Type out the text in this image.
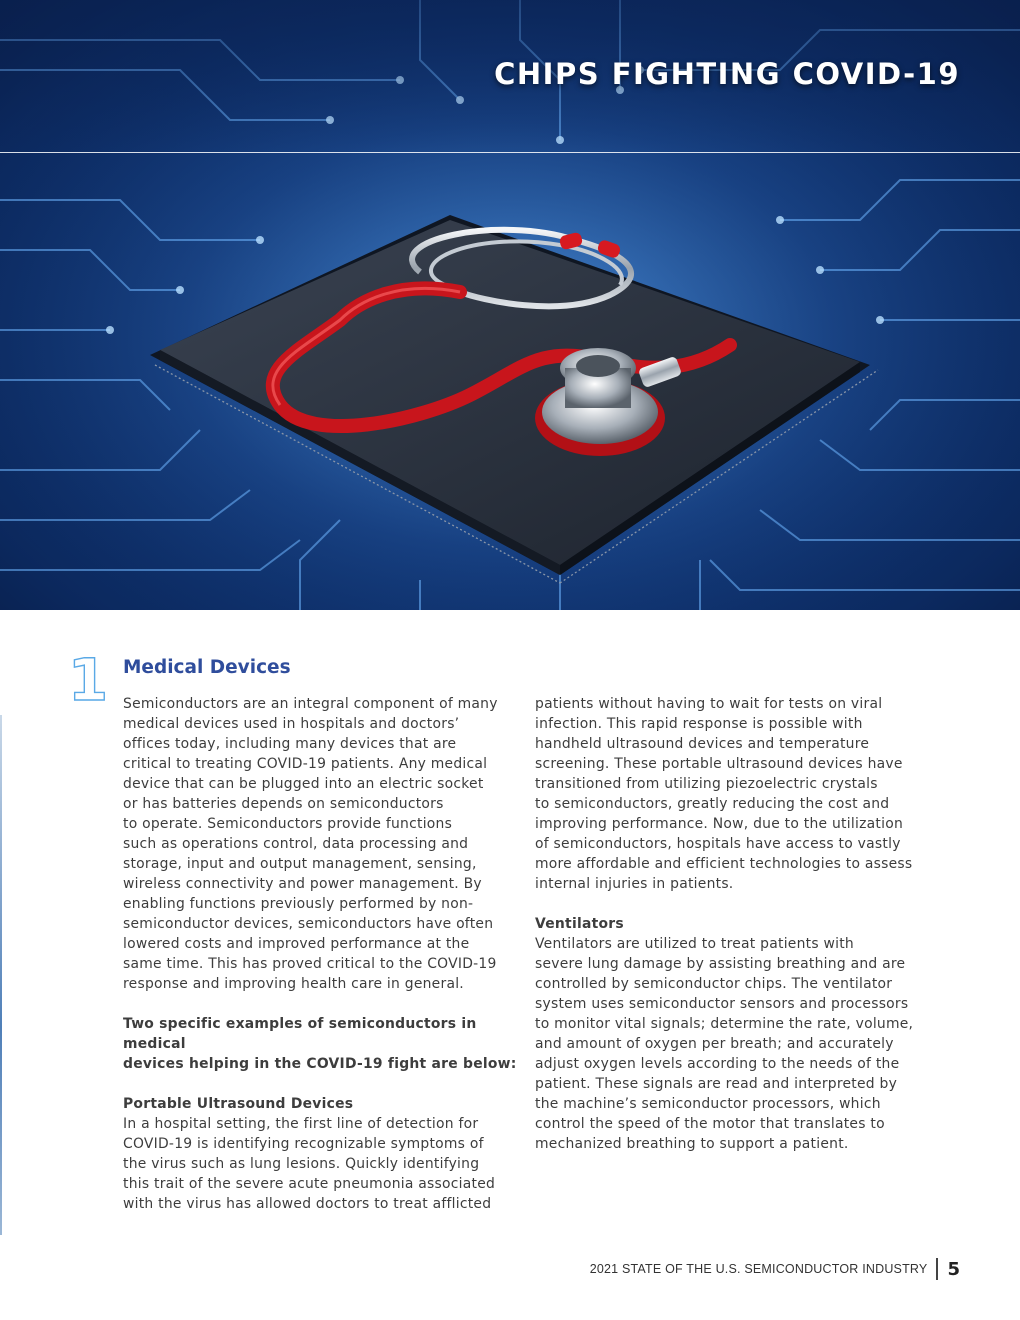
CHIPS FIGHTING COVID-19
1 Medical Devices

Semiconductors are an integral component of many
medical devices used in hospitals and doctors’
offices today, including many devices that are
critical to treating COVID-19 patients. Any medical
device that can be plugged into an electric socket
or has batteries depends on semiconductors
to operate. Semiconductors provide functions
such as operations control, data processing and
storage, input and output management, sensing,
wireless connectivity and power management. By
enabling functions previously performed by non-
semiconductor devices, semiconductors have often
lowered costs and improved performance at the
same time. This has proved critical to the COVID-19
response and improving health care in general.

Two specific examples of semiconductors in medical
devices helping in the COVID-19 fight are below:

Portable Ultrasound Devices

In a hospital setting, the first line of detection for
COVID-19 is identifying recognizable symptoms of
the virus such as lung lesions. Quickly identifying
this trait of the severe acute pneumonia associated
with the virus has allowed doctors to treat afflicted

patients without having to wait for tests on viral
infection. This rapid response is possible with
handheld ultrasound devices and temperature
screening. These portable ultrasound devices have
transitioned from utilizing piezoelectric crystals
to semiconductors, greatly reducing the cost and
improving performance. Now, due to the utilization
of semiconductors, hospitals have access to vastly
more affordable and efficient technologies to assess
internal injuries in patients.

Ventilators

Ventilators are utilized to treat patients with
severe lung damage by assisting breathing and are
controlled by semiconductor chips. The ventilator
system uses semiconductor sensors and processors
to monitor vital signals; determine the rate, volume,
and amount of oxygen per breath; and accurately
adjust oxygen levels according to the needs of the
patient. These signals are read and interpreted by
the machine’s semiconductor processors, which
control the speed of the motor that translates to
mechanized breathing to support a patient.

2021 STATE OF THE U.S. SEMICONDUCTOR INDUSTRY 5
